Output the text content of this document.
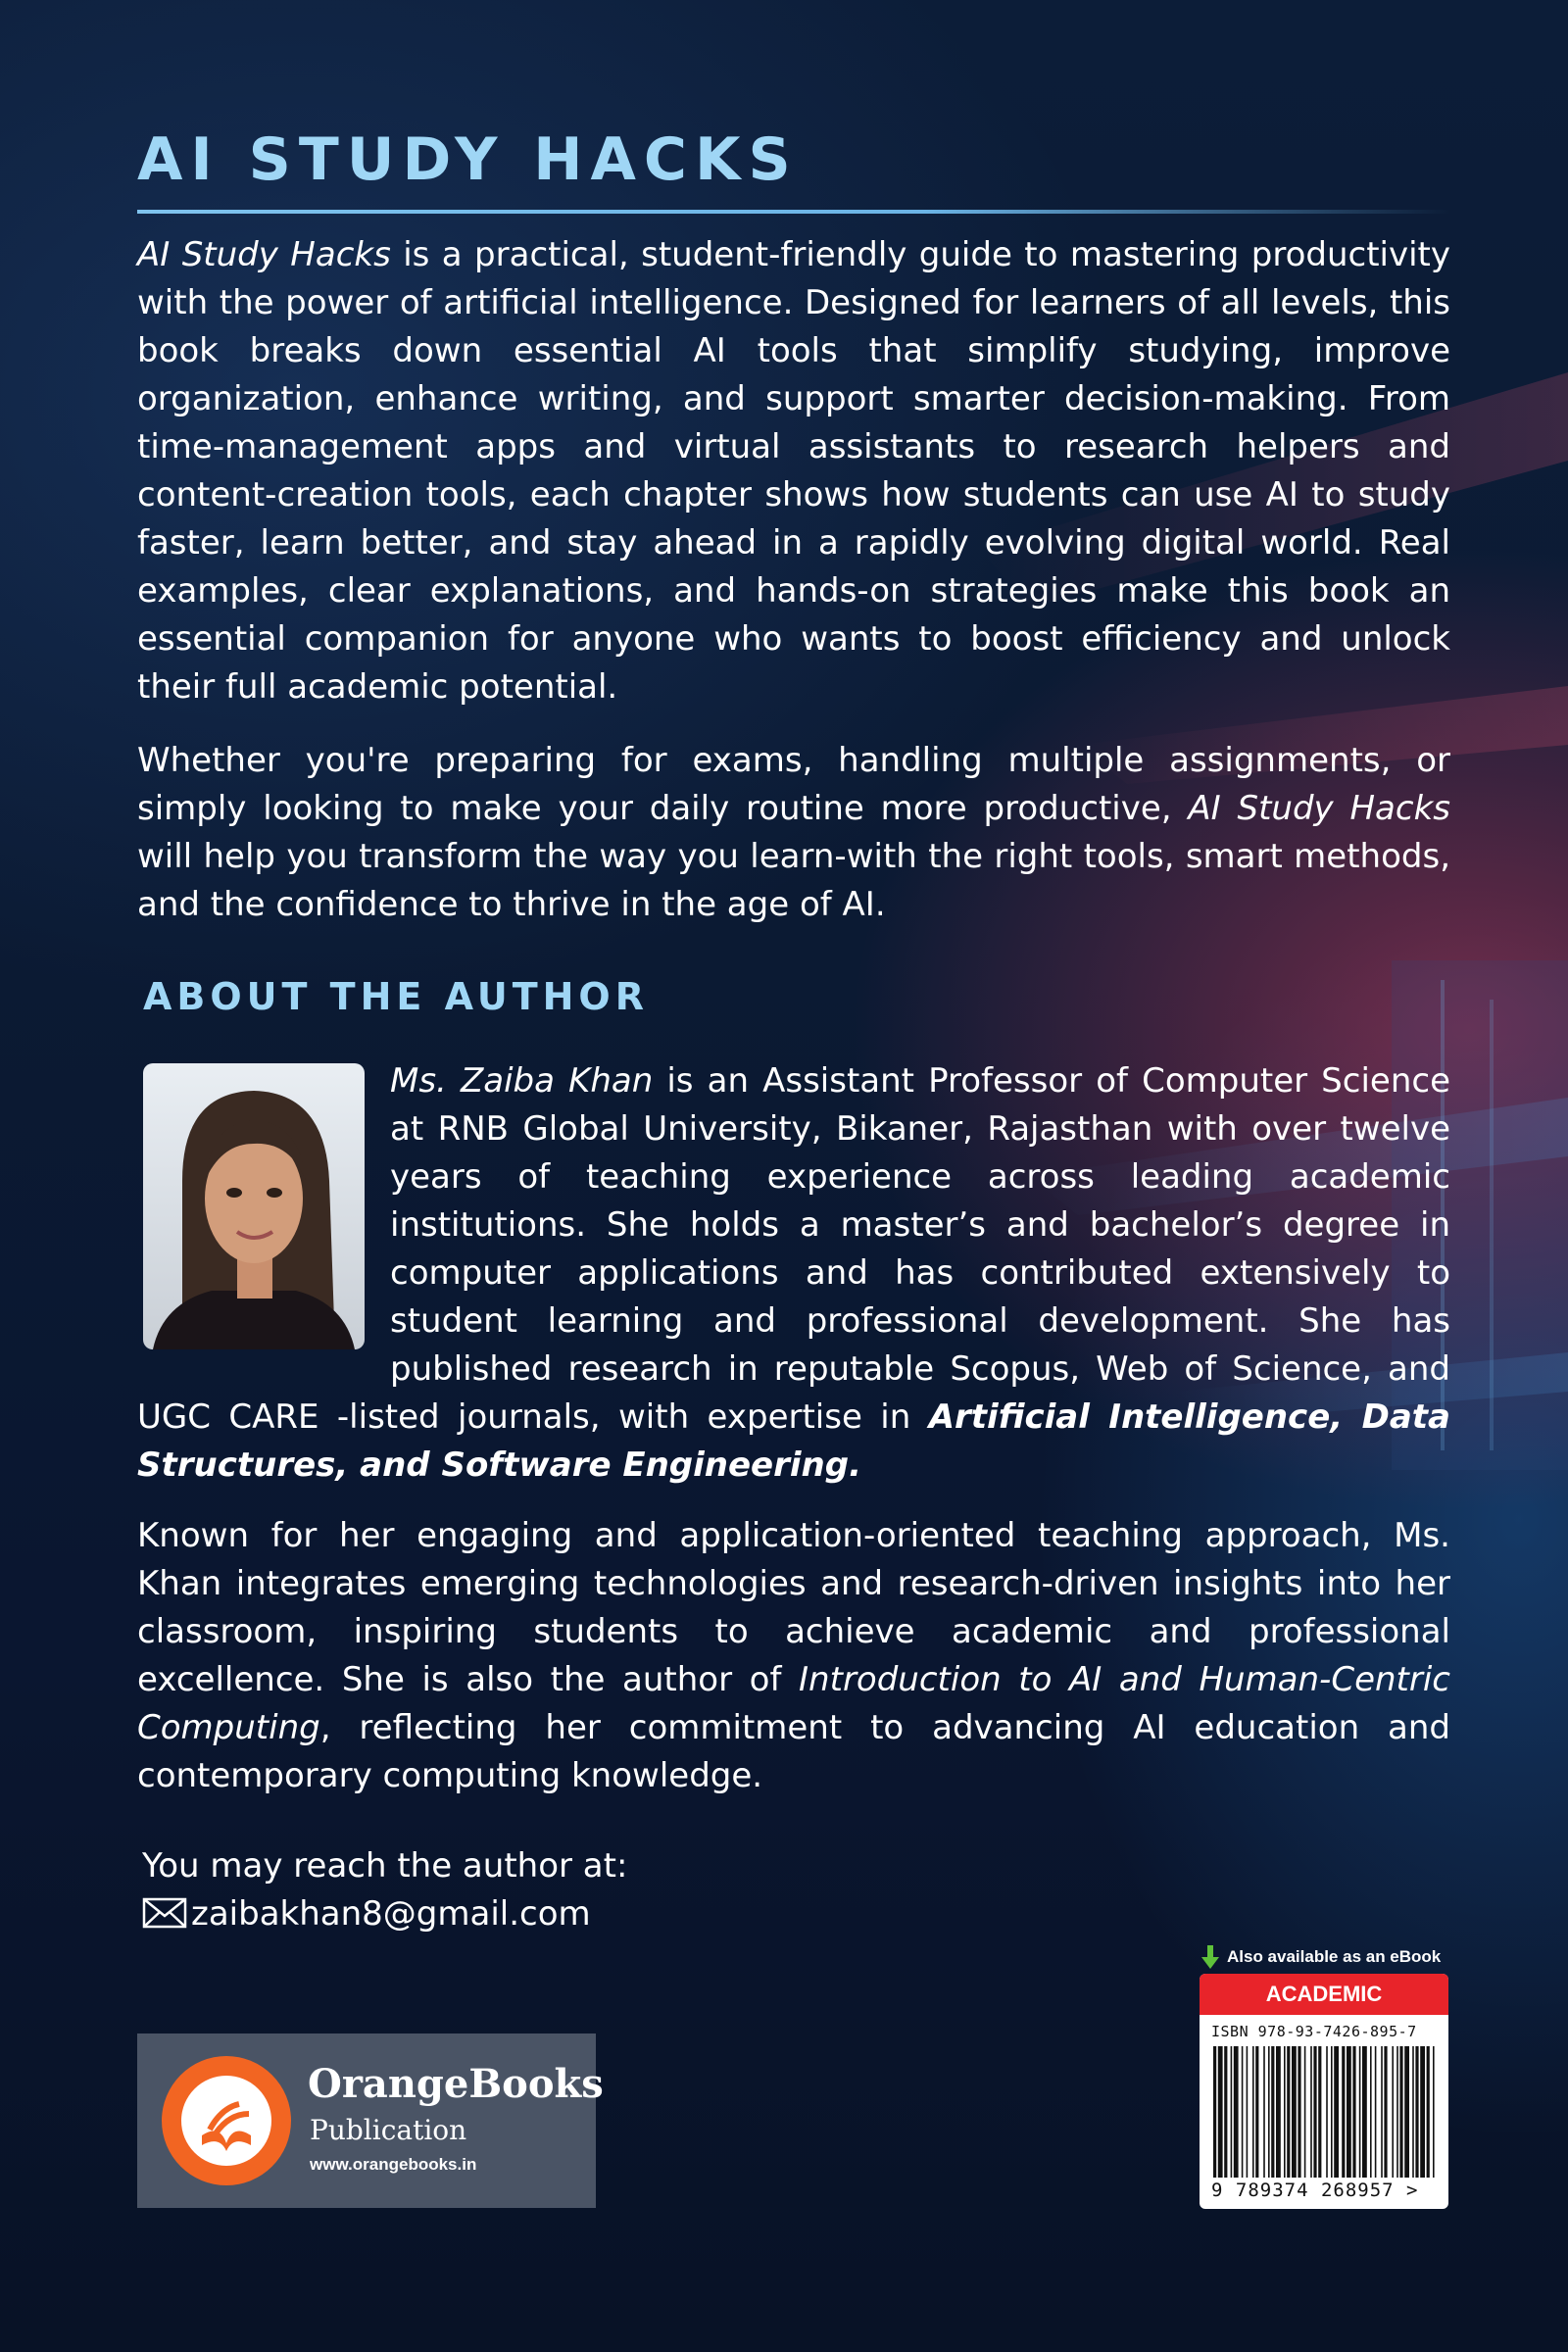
AI STUDY HACKS

AI Study Hacks is a practical, student-friendly guide to mastering productivity with the power of artificial intelligence. Designed for learners of all levels, this book breaks down essential AI tools that simplify studying, improve organization, enhance writing, and support smarter decision-making. From time-management apps and virtual assistants to research helpers and content-creation tools, each chapter shows how students can use AI to study faster, learn better, and stay ahead in a rapidly evolving digital world. Real examples, clear explanations, and hands-on strategies make this book an essential companion for anyone who wants to boost efficiency and unlock their full academic potential.

Whether you're preparing for exams, handling multiple assignments, or simply looking to make your daily routine more productive, AI Study Hacks will help you transform the way you learn-with the right tools, smart methods, and the confidence to thrive in the age of AI.

ABOUT THE AUTHOR

Ms. Zaiba Khan is an Assistant Professor of Computer Science at RNB Global University, Bikaner, Rajasthan with over twelve years of teaching experience across leading academic institutions. She holds a master’s and bachelor’s degree in computer applications and has contributed extensively to student learning and professional development. She has published research in reputable Scopus, Web of Science, and UGC CARE -listed journals, with expertise in Artificial Intelligence, Data Structures, and Software Engineering.

Known for her engaging and application-oriented teaching approach, Ms. Khan integrates emerging technologies and research-driven insights into her classroom, inspiring students to achieve academic and professional excellence. She is also the author of Introduction to AI and Human-Centric Computing, reflecting her commitment to advancing AI education and contemporary computing knowledge.

You may reach the author at:
zaibakhan8@gmail.com

OrangeBooks

Publication

www.orangebooks.in

Also available as an eBook

ACADEMIC

ISBN 978-93-7426-895-7

9 789374 268957 >
